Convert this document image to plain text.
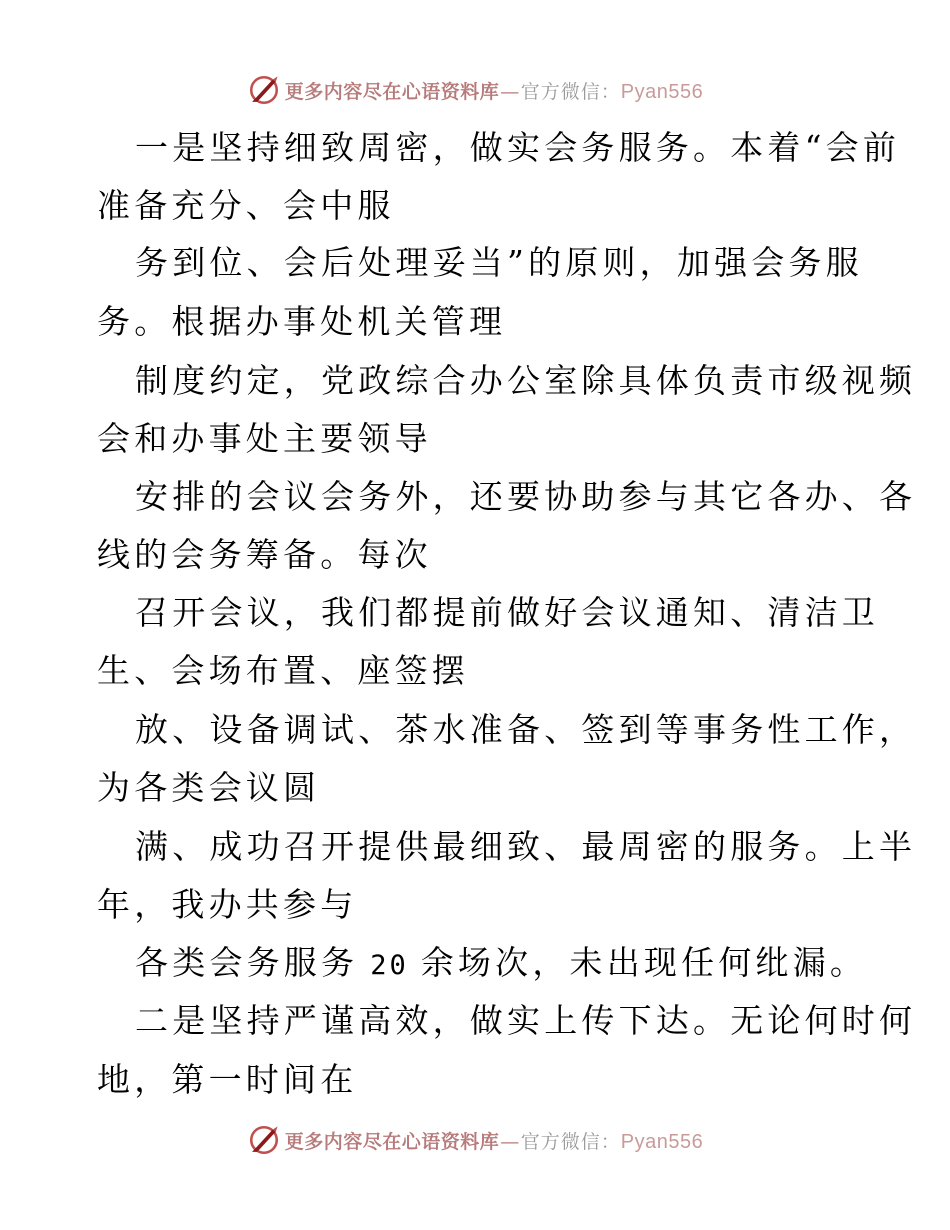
更多内容尽在心语资料库 — 官方微信： Pyan556
一是坚持细致周密，做实会务服务。本着“会前
准备充分、会中服
务到位、会后处理妥当”的原则，加强会务服
务。根据办事处机关管理
制度约定，党政综合办公室除具体负责市级视频
会和办事处主要领导
安排的会议会务外，还要协助参与其它各办、各
线的会务筹备。每次
召开会议，我们都提前做好会议通知、清洁卫
生、会场布置、座签摆
放、设备调试、茶水准备、签到等事务性工作，
为各类会议圆
满、成功召开提供最细致、最周密的服务。上半
年，我办共参与
各类会务服务 20 余场次，未出现任何纰漏。
二是坚持严谨高效，做实上传下达。无论何时何
地，第一时间在
更多内容尽在心语资料库 — 官方微信： Pyan556
